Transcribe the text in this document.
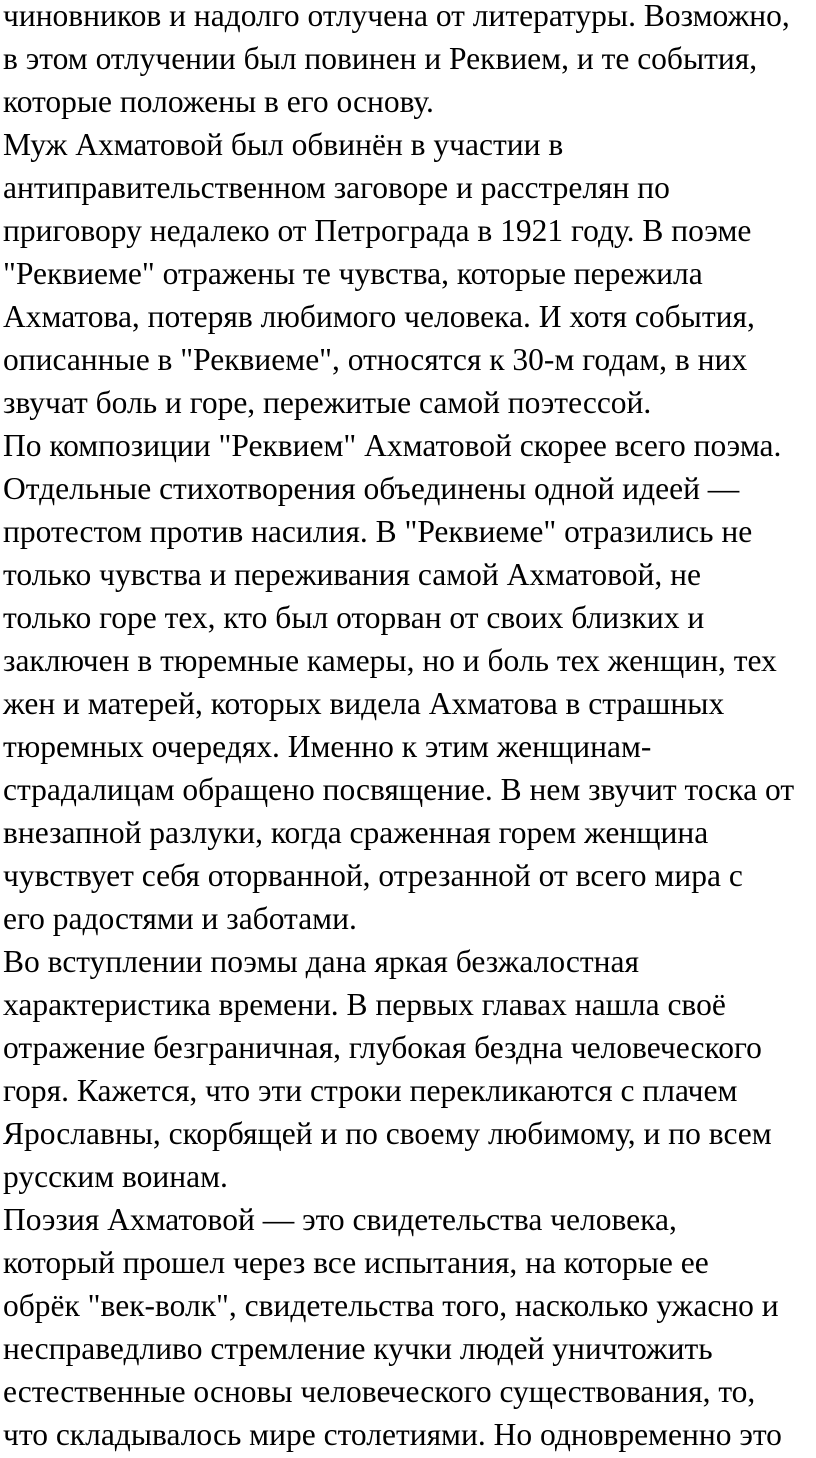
чиновников и надолго отлучена от литературы. Возможно,
в этом отлучении был повинен и Реквием, и те события,
которые положены в его основу.
Муж Ахматовой был обвинён в участии в
антиправительственном заговоре и расстрелян по
приговору недалеко от Петрограда в 1921 году. В поэме
"Реквиеме" отражены те чувства, которые пережила
Ахматова, потеряв любимого человека. И хотя события,
описанные в "Реквиеме", относятся к 30-м годам, в них
звучат боль и горе, пережитые самой поэтессой.
По композиции "Реквием" Ахматовой скорее всего поэма.
Отдельные стихотворения объединены одной идеей —
протестом против насилия. В "Реквиеме" отразились не
только чувства и переживания самой Ахматовой, не
только горе тех, кто был оторван от своих близких и
заключен в тюремные камеры, но и боль тех женщин, тех
жен и матерей, которых видела Ахматова в страшных
тюремных очередях. Именно к этим женщинам-
страдалицам обращено посвящение. В нем звучит тоска от
внезапной разлуки, когда сраженная горем женщина
чувствует себя оторванной, отрезанной от всего мира с
его радостями и заботами.
Во вступлении поэмы дана яркая безжалостная
характеристика времени. В первых главах нашла своё
отражение безграничная, глубокая бездна человеческого
горя. Кажется, что эти строки перекликаются с плачем
Ярославны, скорбящей и по своему любимому, и по всем
русским воинам.
Поэзия Ахматовой — это свидетельства человека,
который прошел через все испытания, на которые ее
обрёк "век-волк", свидетельства того, насколько ужасно и
несправедливо стремление кучки людей уничтожить
естественные основы человеческого существования, то,
что складывалось мире столетиями. Но одновременно это
